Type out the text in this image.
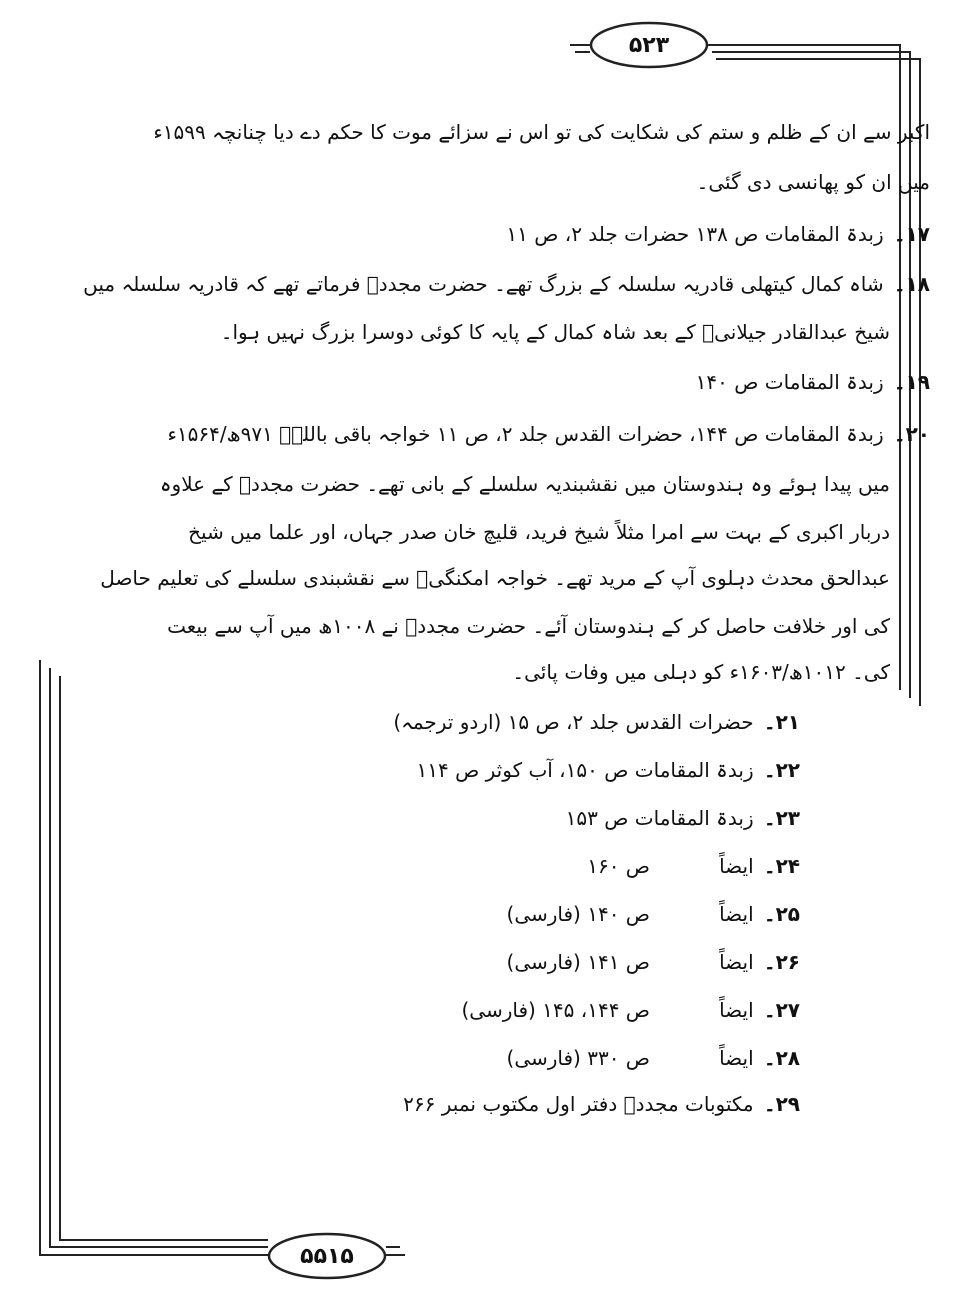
۵۲۳
۵۵۱۵
اکبر سے ان کے ظلم و ستم کی شکایت کی تو اس نے سزائے موت کا حکم دے دیا چنانچہ ۱۵۹۹ء
میں ان کو پھانسی دی گئی۔
۱۷۔ زبدۃ المقامات ص ۱۳۸ حضرات جلد ۲، ص ۱۱
۱۸۔ شاہ کمال کیتھلی قادریہ سلسلہ کے بزرگ تھے۔ حضرت مجددؒ فرماتے تھے کہ قادریہ سلسلہ میں
شیخ عبدالقادر جیلانیؒ کے بعد شاہ کمال کے پایہ کا کوئی دوسرا بزرگ نہیں ہوا۔
۱۹۔ زبدۃ المقامات ص ۱۴۰
۲۰۔ زبدۃ المقامات ص ۱۴۴، حضرات القدس جلد ۲، ص ۱۱ خواجہ باقی باللہؒ ۹۷۱ھ/۱۵۶۴ء
میں پیدا ہوئے وہ ہندوستان میں نقشبندیہ سلسلے کے بانی تھے۔ حضرت مجددؒ کے علاوہ
دربار اکبری کے بہت سے امرا مثلاً شیخ فرید، قلیچ خان صدر جہاں، اور علما میں شیخ
عبدالحق محدث دہلوی آپ کے مرید تھے۔ خواجہ امکنگیؒ سے نقشبندی سلسلے کی تعلیم حاصل
کی اور خلافت حاصل کر کے ہندوستان آئے۔ حضرت مجددؒ نے ۱۰۰۸ھ میں آپ سے بیعت
کی۔ ۱۰۱۲ھ/۱۶۰۳ء کو دہلی میں وفات پائی۔
۲۱۔ حضرات القدس جلد ۲، ص ۱۵ (اردو ترجمہ)
۲۲۔ زبدۃ المقامات ص ۱۵۰، آب کوثر ص ۱۱۴
۲۳۔ زبدۃ المقامات ص ۱۵۳
۲۴۔ ایضاً
ص ۱۶۰
۲۵۔ ایضاً
ص ۱۴۰ (فارسی)
۲۶۔ ایضاً
ص ۱۴۱ (فارسی)
۲۷۔ ایضاً
ص ۱۴۴، ۱۴۵ (فارسی)
۲۸۔ ایضاً
ص ۳۳۰ (فارسی)
۲۹۔ مکتوبات مجددؒ دفتر اول مکتوب نمبر ۲۶۶
